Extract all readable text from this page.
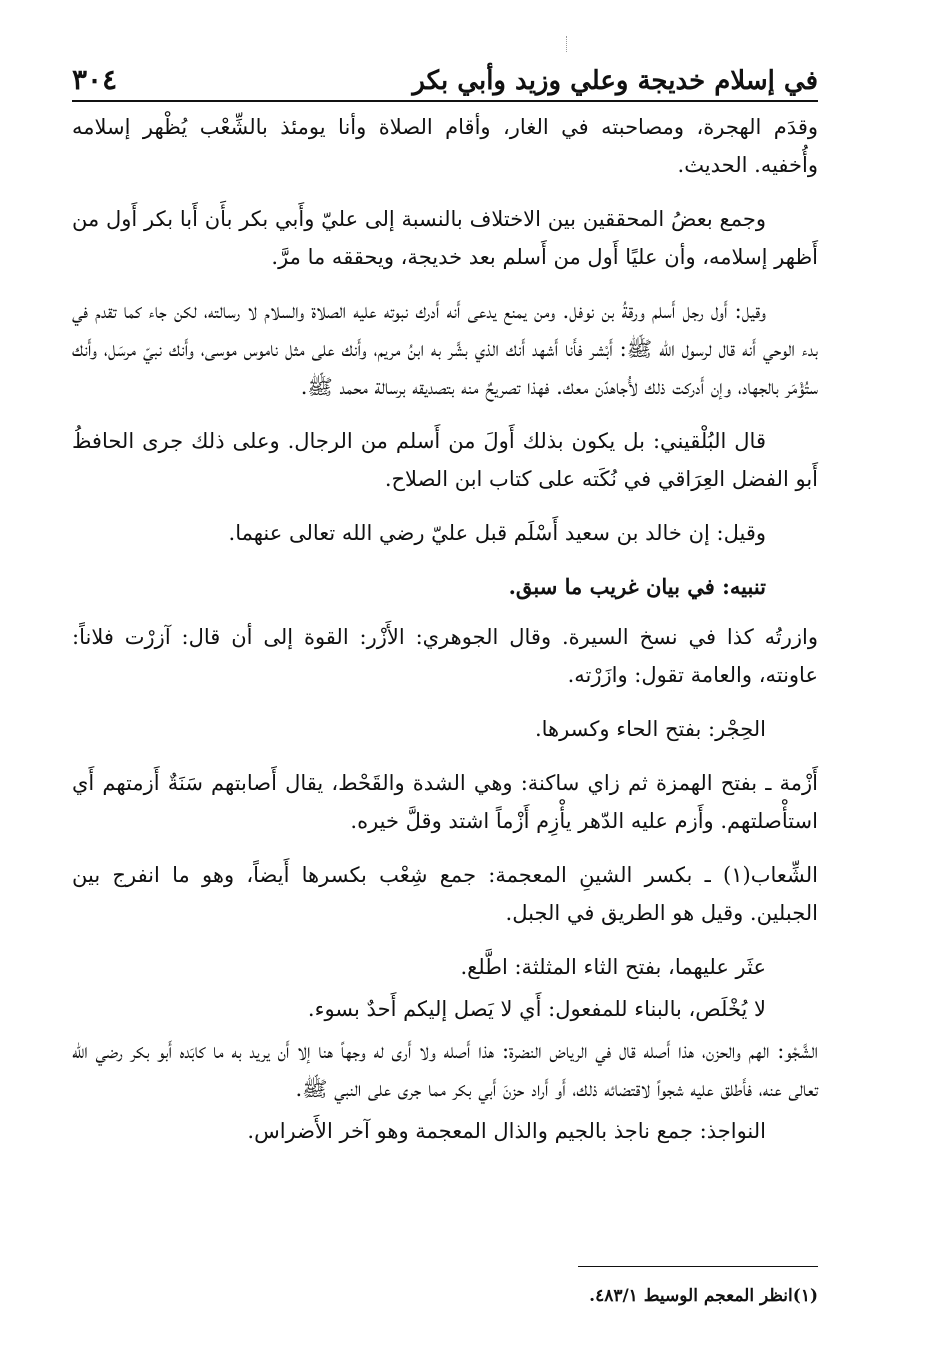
في إسلام خديجة وعلي وزيد وأبي بكر
٣٠٤

وقدَم الهجرة، ومصاحبته في الغار، وأقام الصلاة وأنا يومئذ بالشِّعْب يُظْهر إسلامه وأُخفيه. الحديث.

وجمع بعضُ المحققين بين الاختلاف بالنسبة إلى عليّ وأَبي بكر بأَن أَبا بكر أَول من أَظهر إسلامه، وأن عليًا أَول من أَسلم بعد خديجة، ويحققه ما مرَّ.

وقيل: أَول رجل أَسلم ورقةُ بن نوفل. ومن يمنع يدعى أَنه أَدرك نبوته عليه الصلاة والسلام لا رسالته، لكن جاء كما تقدم في بدء الوحي أَنه قال لرسول الله ﷺ: أَبْشر فأَنا أَشهد أَنك الذي بشَّر به ابنُ مريم، وأَنك على مثل ناموس موسى، وأَنك نبيّ مرسَل، وأَنك ستُؤْمَر بالجهاد، وإن أَدركت ذلك لأُجاهدّن معك. فهذا تصريحٌ منه بتصديقه برسالة محمد ﷺ.

قال البُلْقيني: بل يكون بذلك أَولَ من أَسلم من الرجال. وعلى ذلك جرى الحافظُ أَبو الفضل العِرَاقي في نُكَته على كتاب ابن الصلاح.

وقيل: إن خالد بن سعيد أَسْلَم قبل عليّ رضي الله تعالى عنهما.

تنبيه: في بيان غريب ما سبق.

وازرتُه كذا في نسخ السيرة. وقال الجوهري: الأَزْر: القوة إلى أن قال: آزرْت فلاناً: عاونته، والعامة تقول: وازَرْته.

الحِجْر: بفتح الحاء وكسرها.

أَزْمة ـ بفتح الهمزة ثم زاي ساكنة: وهي الشدة والقَحْط، يقال أَصابتهم سَنَةٌ أَزمتهم أَي استأْصلتهم. وأَزم عليه الدّهر يأْزِم أَزْماً اشتد وقلَّ خيره.

الشِّعاب(١) ـ بكسر الشينِ المعجمة: جمع شِعْب بكسرها أَيضاً، وهو ما انفرج بين الجبلين. وقيل هو الطريق في الجبل.

عثَر عليهما، بفتح الثاء المثلثة: اطَّلع.

لا يُخْلَص، بالبناء للمفعول: أَي لا يَصل إليكم أَحدٌ بسوء.

الشَّجْو: الهم والحزن، هذا أَصله قال في الرياض النضرة: هذا أَصله ولا أَرى له وجهاً هنا إلا أَن يريد به ما كابَده أَبو بكر رضي الله تعالى عنه، فأَطلق عليه شجواً لاقتضائه ذلك، أَو أَراد حزنَ أَبي بكر مما جرى على النبي ﷺ.

النواجذ: جمع ناجذ بالجيم والذال المعجمة وهو آخر الأَضراس.

(١)انظر المعجم الوسيط ٤٨٣/١.
